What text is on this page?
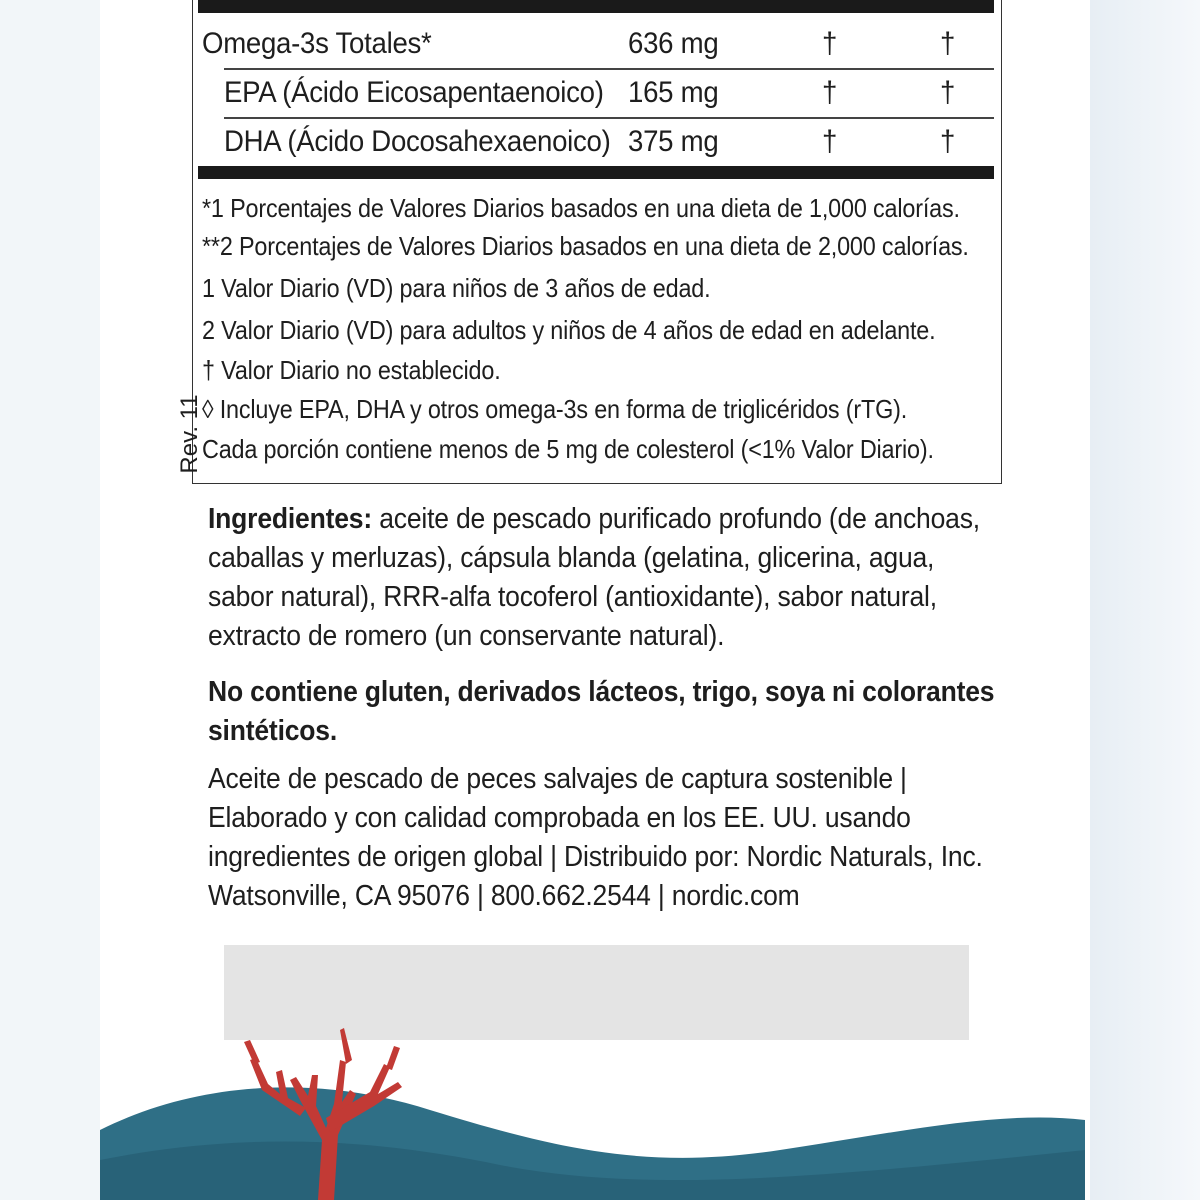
Omega-3s Totales*	636 mg	†	†
EPA (Ácido Eicosapentaenoico) 165 mg	†	†
DHA (Ácido Docosahexaenoico) 375 mg	†	†
*1 Porcentajes de Valores Diarios basados en una dieta de 1,000 calorías.
**2 Porcentajes de Valores Diarios basados en una dieta de 2,000 calorías.
1 Valor Diario (VD) para niños de 3 años de edad.
2 Valor Diario (VD) para adultos y niños de 4 años de edad en adelante.
† Valor Diario no establecido.
◊ Incluye EPA, DHA y otros omega-3s en forma de triglicéridos (rTG).
Cada porción contiene menos de 5 mg de colesterol (<1% Valor Diario).
Rev. 11
Ingredientes: aceite de pescado purificado profundo (de anchoas,
caballas y merluzas), cápsula blanda (gelatina, glicerina, agua,
sabor natural), RRR-alfa tocoferol (antioxidante), sabor natural,
extracto de romero (un conservante natural).
No contiene gluten, derivados lácteos, trigo, soya ni colorantes
sintéticos.
Aceite de pescado de peces salvajes de captura sostenible |
Elaborado y con calidad comprobada en los EE. UU. usando
ingredientes de origen global | Distribuido por: Nordic Naturals, Inc.
Watsonville, CA 95076 | 800.662.2544 | nordic.com
